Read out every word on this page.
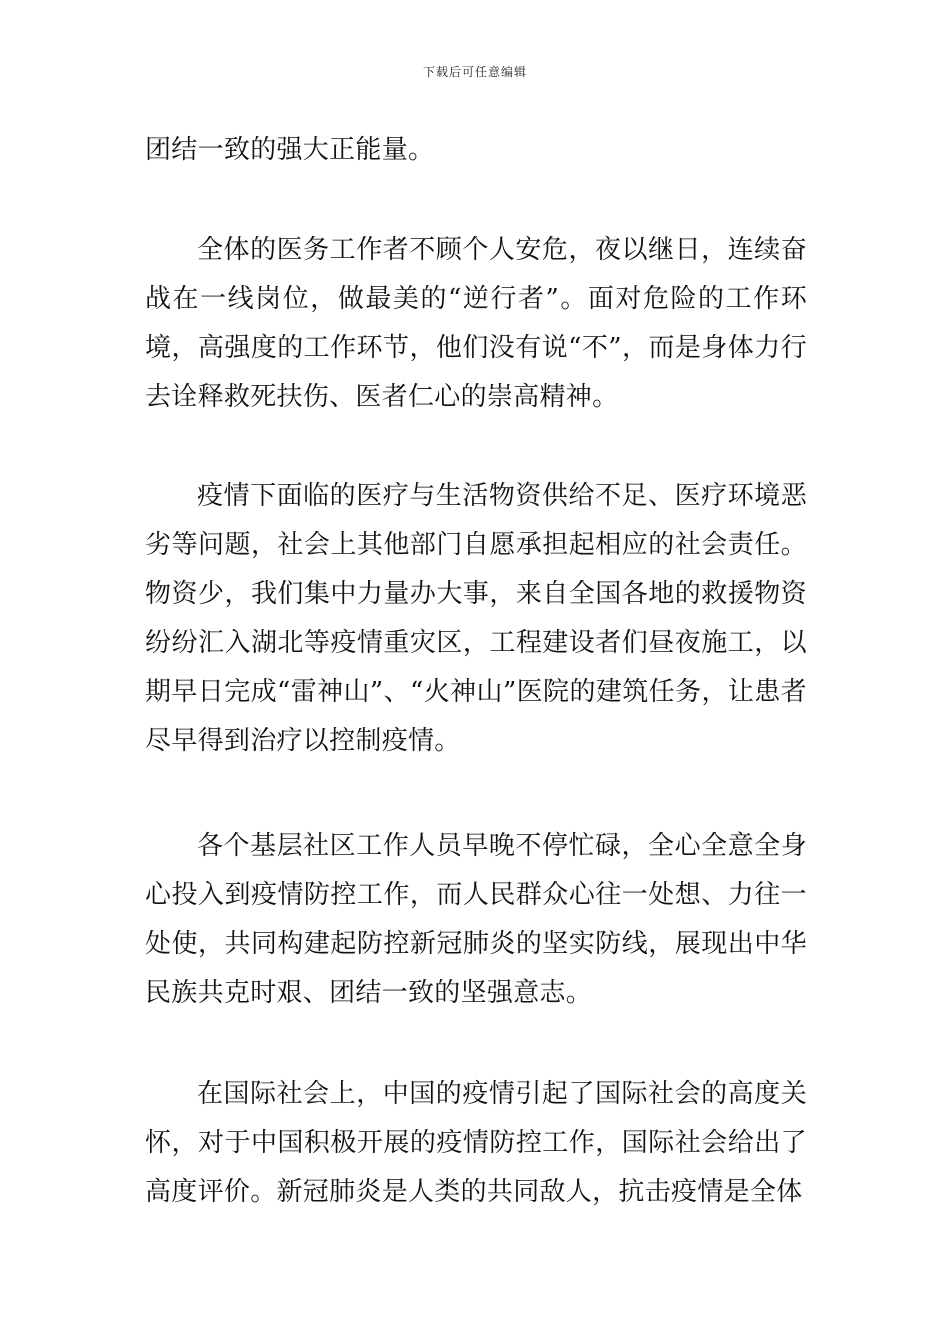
下载后可任意编辑

团结一致的强大正能量。

全体的医务工作者不顾个人安危，夜以继日，连续奋战在一线岗位，做最美的“逆行者”。面对危险的工作环境，高强度的工作环节，他们没有说“不”，而是身体力行去诠释救死扶伤、医者仁心的崇高精神。

疫情下面临的医疗与生活物资供给不足、医疗环境恶劣等问题，社会上其他部门自愿承担起相应的社会责任。物资少，我们集中力量办大事，来自全国各地的救援物资纷纷汇入湖北等疫情重灾区，工程建设者们昼夜施工，以期早日完成“雷神山”、“火神山”医院的建筑任务，让患者尽早得到治疗以控制疫情。

各个基层社区工作人员早晚不停忙碌，全心全意全身心投入到疫情防控工作，而人民群众心往一处想、力往一处使，共同构建起防控新冠肺炎的坚实防线，展现出中华民族共克时艰、团结一致的坚强意志。

在国际社会上，中国的疫情引起了国际社会的高度关怀，对于中国积极开展的疫情防控工作，国际社会给出了高度评价。新冠肺炎是人类的共同敌人，抗击疫情是全体
